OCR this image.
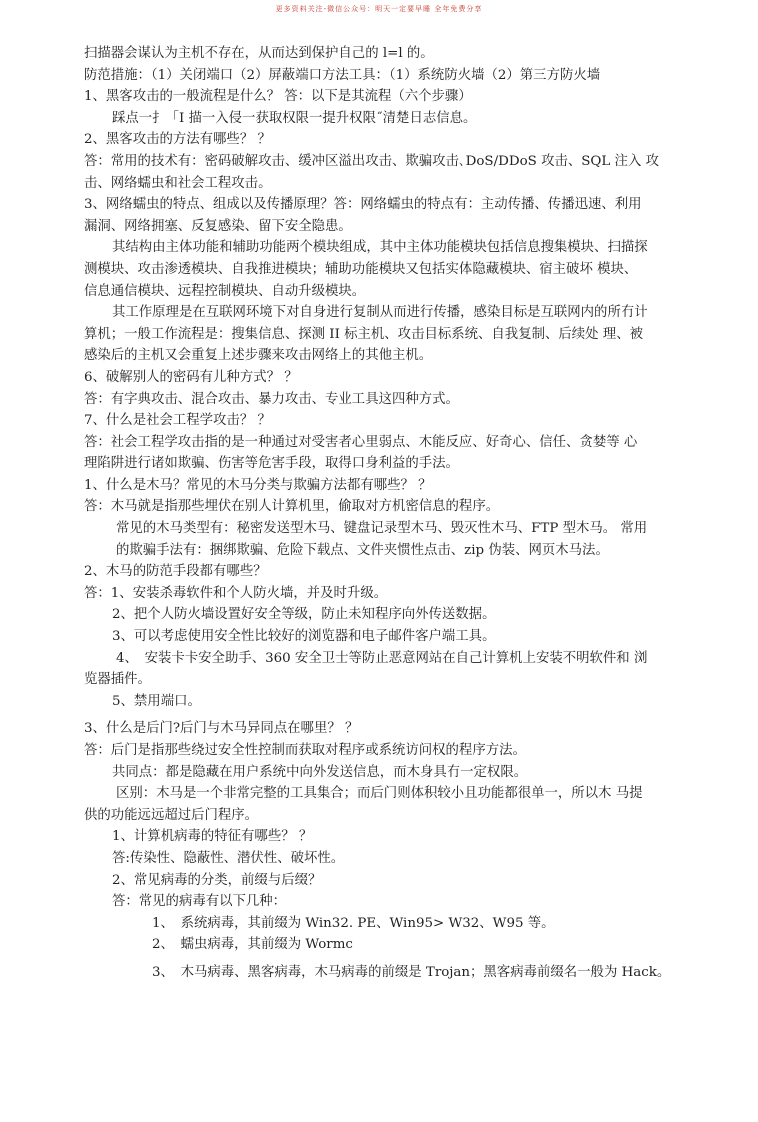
更多资料关注-微信公众号：明天一定要早睡 全年免费分享
扫描器会谋认为主机不存在，从而达到保护自己的 l=l 的。
防范措施：（1）关闭端口（2）屏蔽端口方法工具：（1）系统防火墙（2）第三方防火墙
1、黑客攻击的一般流程是什么？ 答：以下是其流程（六个步骤）
踩点一扌「I 描一入侵一获取权限一提升权限˝清楚日志信息。
2、黑客攻击的方法有哪些？ ？
答：常用的技术有：密码破解攻击、缓冲区溢出攻击、欺骗攻击､DoS/DDoS 攻击、SQL 注入 攻
击、网络蠕虫和社会工程攻击。
3、网络蠕虫的特点、组成以及传播原理？答：网络蠕虫的特点有：主动传播、传播迅速、利用
漏洞、网络拥塞、反复感染、留下安全隐患。
其结构由主体功能和辅助功能两个模块组成，其中主体功能模块包括信息搜集模块、扫描探
测模块、攻击渗透模块、自我推进模块；辅助功能模块又包括实体隐藏模块、宿主破坏 模块、
信息通信模块、远程控制模块、自动升级模块。
其工作原理是在互联网环境下对自身进行复制从而进行传播，感染目标是互联网内的所冇计
算机；一般工作流程是：搜集信息、探测 II 标主机、攻击目标系统、自我复制、后续处 理、被
感染后的主机又会重复上述步骤来攻击网络上的其他主机。
6、破解别人的密码有儿种方式？ ？
答：有字典攻击、混合攻击、暴力攻击、专业工具这四种方式。
7、什么是社会工程学攻击？ ？
答：社会工程学攻击指的是一种通过对受害者心里弱点、木能反应、好奇心、信任、贪婪等 心
理陷阱进行诸如欺骗、伤害等危害手段，取得口身利益的手法。
1、什么是木马？常见的木马分类与欺骗方法都有哪些？ ？
答：木马就是指那些埋伏在别人计算机里，偷取对方机密信息的程序。
常见的木马类型有：秘密发送型木马、键盘记录型木马、毁灭性木马、FTP 型木马。 常用
的欺骗手法有：捆绑欺骗、危险下载点、文件夹惯性点击、zip 伪装、网页木马法。
2、木马的防范手段都有哪些？
答：1、安装杀毒软件和个人防火墙，并及时升级。
2、把个人防火墙设置好安全等级，防止未知程序向外传送数据。
3、可以考虑使用安全性比较好的浏览器和电子邮件客户端工具。
4、　安装卡卡安全助手、360 安全卫士等防止恶意网站在自己计算机上安装不明软件和 浏
览器插件。
5、禁用端口。
3、什么是后门?后门与木马异同点在哪里？ ？
答：后门是指那些绕过安全性控制而获取对程序或系统访问权的程序方法。
共同点：都是隐藏在用户系统中向外发送信息，而木身具冇一定权限。
区别：木马是一个非常完整的工具集合；而后门则体积较小且功能都很单一，所以木 马提
供的功能远远超过后门程序。
1、计算机病毒的特征有哪些？ ？
答:传染性、隐蔽性、潜伏性、破坏性。
2、常见病毒的分类，前缀与后缀？
答：常见的病毒有以下几种：
1、　系统病毒，其前缀为 Win32. PE、Win95> W32、W95 等。
2、　蠕虫病毒，其前缀为 Wormc
3、　木马病毒、黑客病毒，木马病毒的前缀是 Trojan；黑客病毒前缀名一般为 Hack。
